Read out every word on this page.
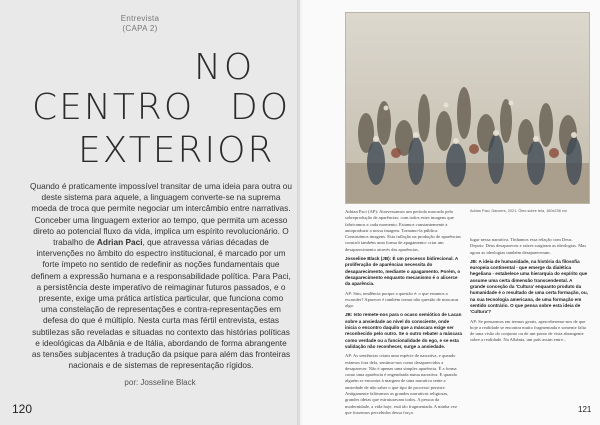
Entrevista
(CAPA 2)
NO
CENTRO DO
EXTERIOR

Quando é praticamente impossível transitar de uma ideia para outra ou deste sistema para aquele, a linguagem converte-se na suprema moeda de troca que permite negociar um intercâmbio entre narrativas. Conceber uma linguagem exterior ao tempo, que permita um acesso direto ao potencial fluxo da vida, implica um espírito revolucionário. O trabalho de Adrian Paci, que atravessa várias décadas de intervenções no âmbito do espectro institucional, é marcado por um forte ímpeto no sentido de redefinir as noções fundamentais que definem a expressão humana e a responsabilidade política. Para Paci, a persistência deste imperativo de reimaginar futuros passados, e o presente, exige uma prática artística particular, que funciona como uma constelação de representações e contra-representações em defesa do que é múltiplo. Nesta curta mas fértil entrevista, estas subtilezas são reveladas e situadas no contexto das histórias políticas e ideológicas da Albânia e de Itália, abordando de forma abrangente as tensões subjacentes à tradução da psique para além das fronteiras nacionais e de sistemas de representação rígidos.

por: Josseline Black
120
Adrian Paci, Dancers, 2021. Óleo sobre tela, 160x238 cm

Adrian Paci (AP): Atravessamos um período marcado pela sobreprodução de aparências: com todos estes imagens que fabricamos a cada momento. Estamos constantemente a autoproduzir a nossa imagem. Tornamo-la pública. Construímos imagens. Esta inflação na produção de aparências constrói também uma forma de apagamento: criar um desaparecimento através das aparências.

Josseline Black (JB): É um processo bidirecional. A proliferação de aparências necessita do desaparecimento, mediante o apagamento. Porém, o desaparecimento enquanto mecanismo é o alicerce da aparência.

AP: Sim, tendência porque a questão é: o que estamos a esconder? Aparecer é também tornar não questão de mascarar algo.

JB: Isto remete-nos para o ocaso semiótico de Lacan sobre a ansiedade ao nível do consciente, onde inicia o encontro daquilo que a máscara exige ser reconhecido pelo outro. Se o outro rebater a máscara como verdade ou a funcionalidade do ego, e se esta validação não reconhecer, surge a ansiedade.

AP: As sentências criam uma espécie de narrativa, e quando estamos fora dela, sentimo-nos como desaparecidos a desaparecer. Não é apenas uma simples aparência. É a forma como uma aparência é engendrada numa narrativa. E quando alguém se encontra à margem de uma narrativa sente a ansiedade de não saber o que tipo de processo persiste. Antigamente falávamos as grandes narrativas religiosas, grandes ideias que estruturavam todos. A pessoa da modernidade, a vida hoje, está tão fragmentada. A minha vez que fossemos percebidos dessa força.

lugar nessa narrativa. Tínhamos essa relação com Deus. Depois: Deus desapareceu e raízes surgiram as ideologias. Mas agora as ideologias também desapareceram.

JB: A ideia de humanidade, na história da filosofia europeia continental - que emerge da dialética hegeliana - estabelece uma hierarquia do espírito que assume uma certa dimensão transcendental. A grande conceção da 'Cultura' enquanto produto da humanidade é o resultado de uma certa formação, ou, na sua tecnologia americana, de uma formação em sentido contrário. O que pensa sobre esta ideia de 'Cultura'?

AP: Se pensarmos em termos gerais, aperceberemo-nos de que hoje a realidade se encontra muito fragmentada e somente falta de uma visão do conjunto ou de um ponto de vista abrangente sobre a realidade. Na Albânia, um país assim entre...

121
